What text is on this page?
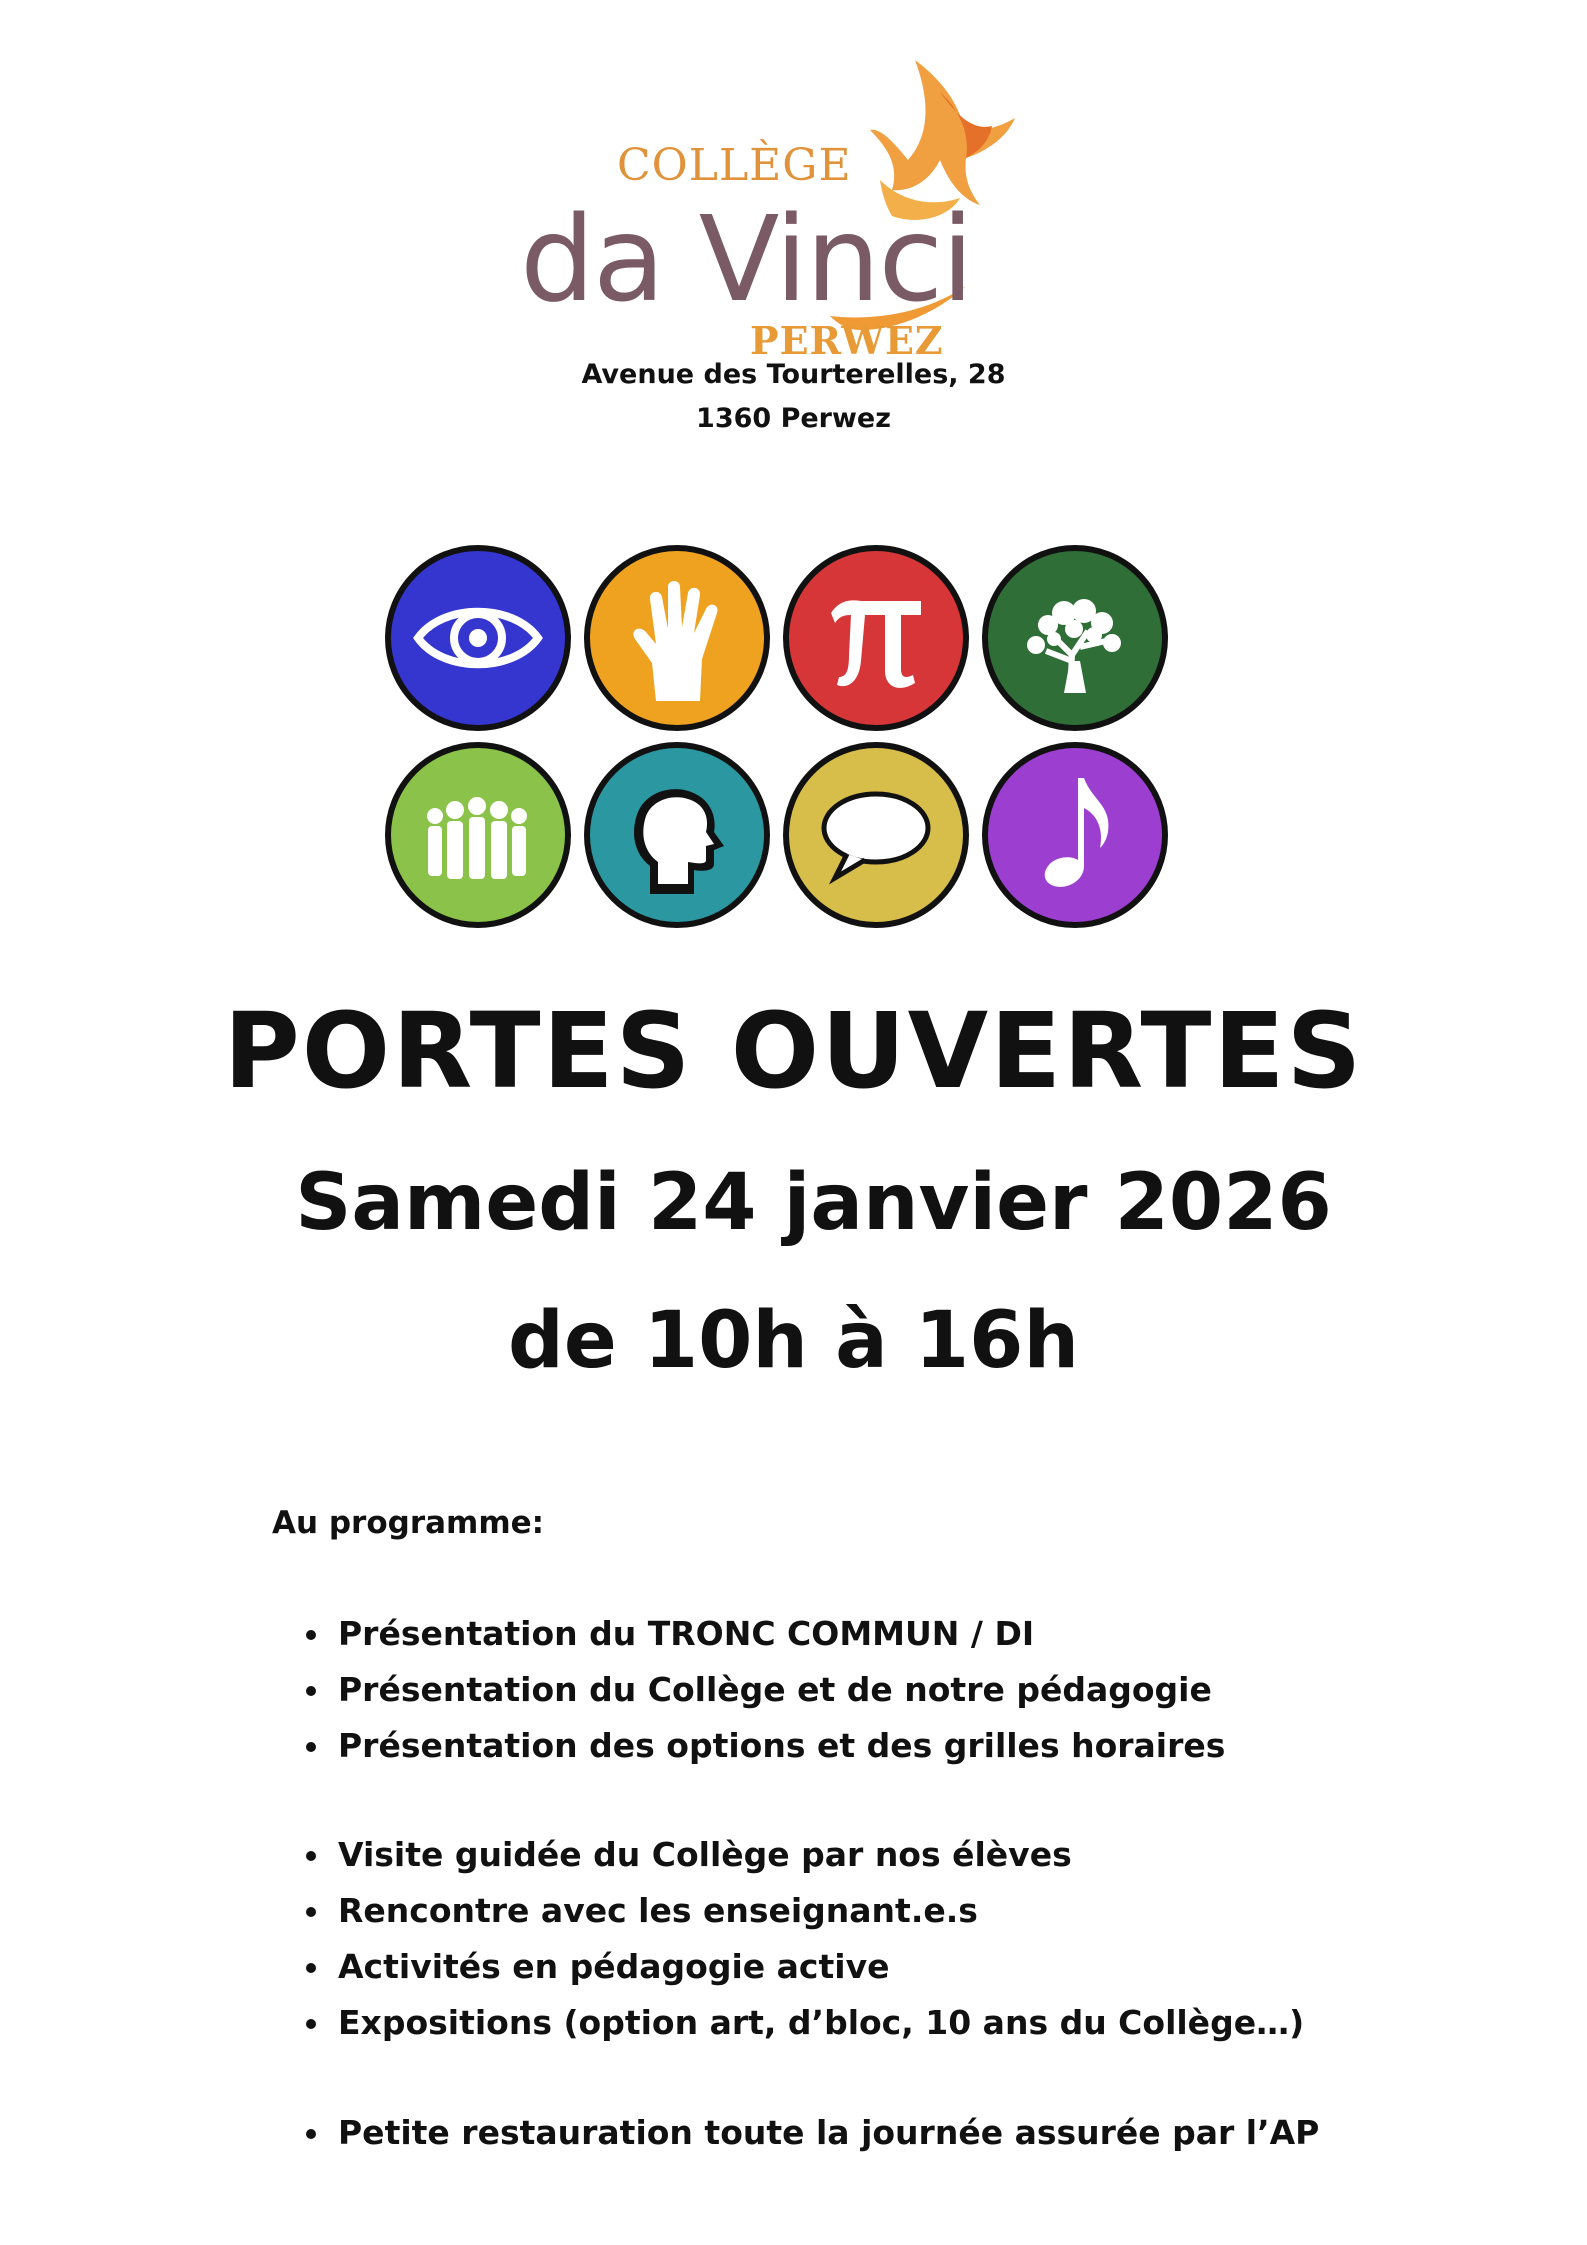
COLLÈGE
da Vinci
PERWEZ
Avenue des Tourterelles, 28
1360 Perwez
PORTES OUVERTES
Samedi 24 janvier 2026
de 10h à 16h
Au programme:
Présentation du TRONC COMMUN / DI
Présentation du Collège et de notre pédagogie
Présentation des options et des grilles horaires
Visite guidée du Collège par nos élèves
Rencontre avec les enseignant.e.s
Activités en pédagogie active
Expositions (option art, d’bloc, 10 ans du Collège…)
Petite restauration toute la journée assurée par l’AP
